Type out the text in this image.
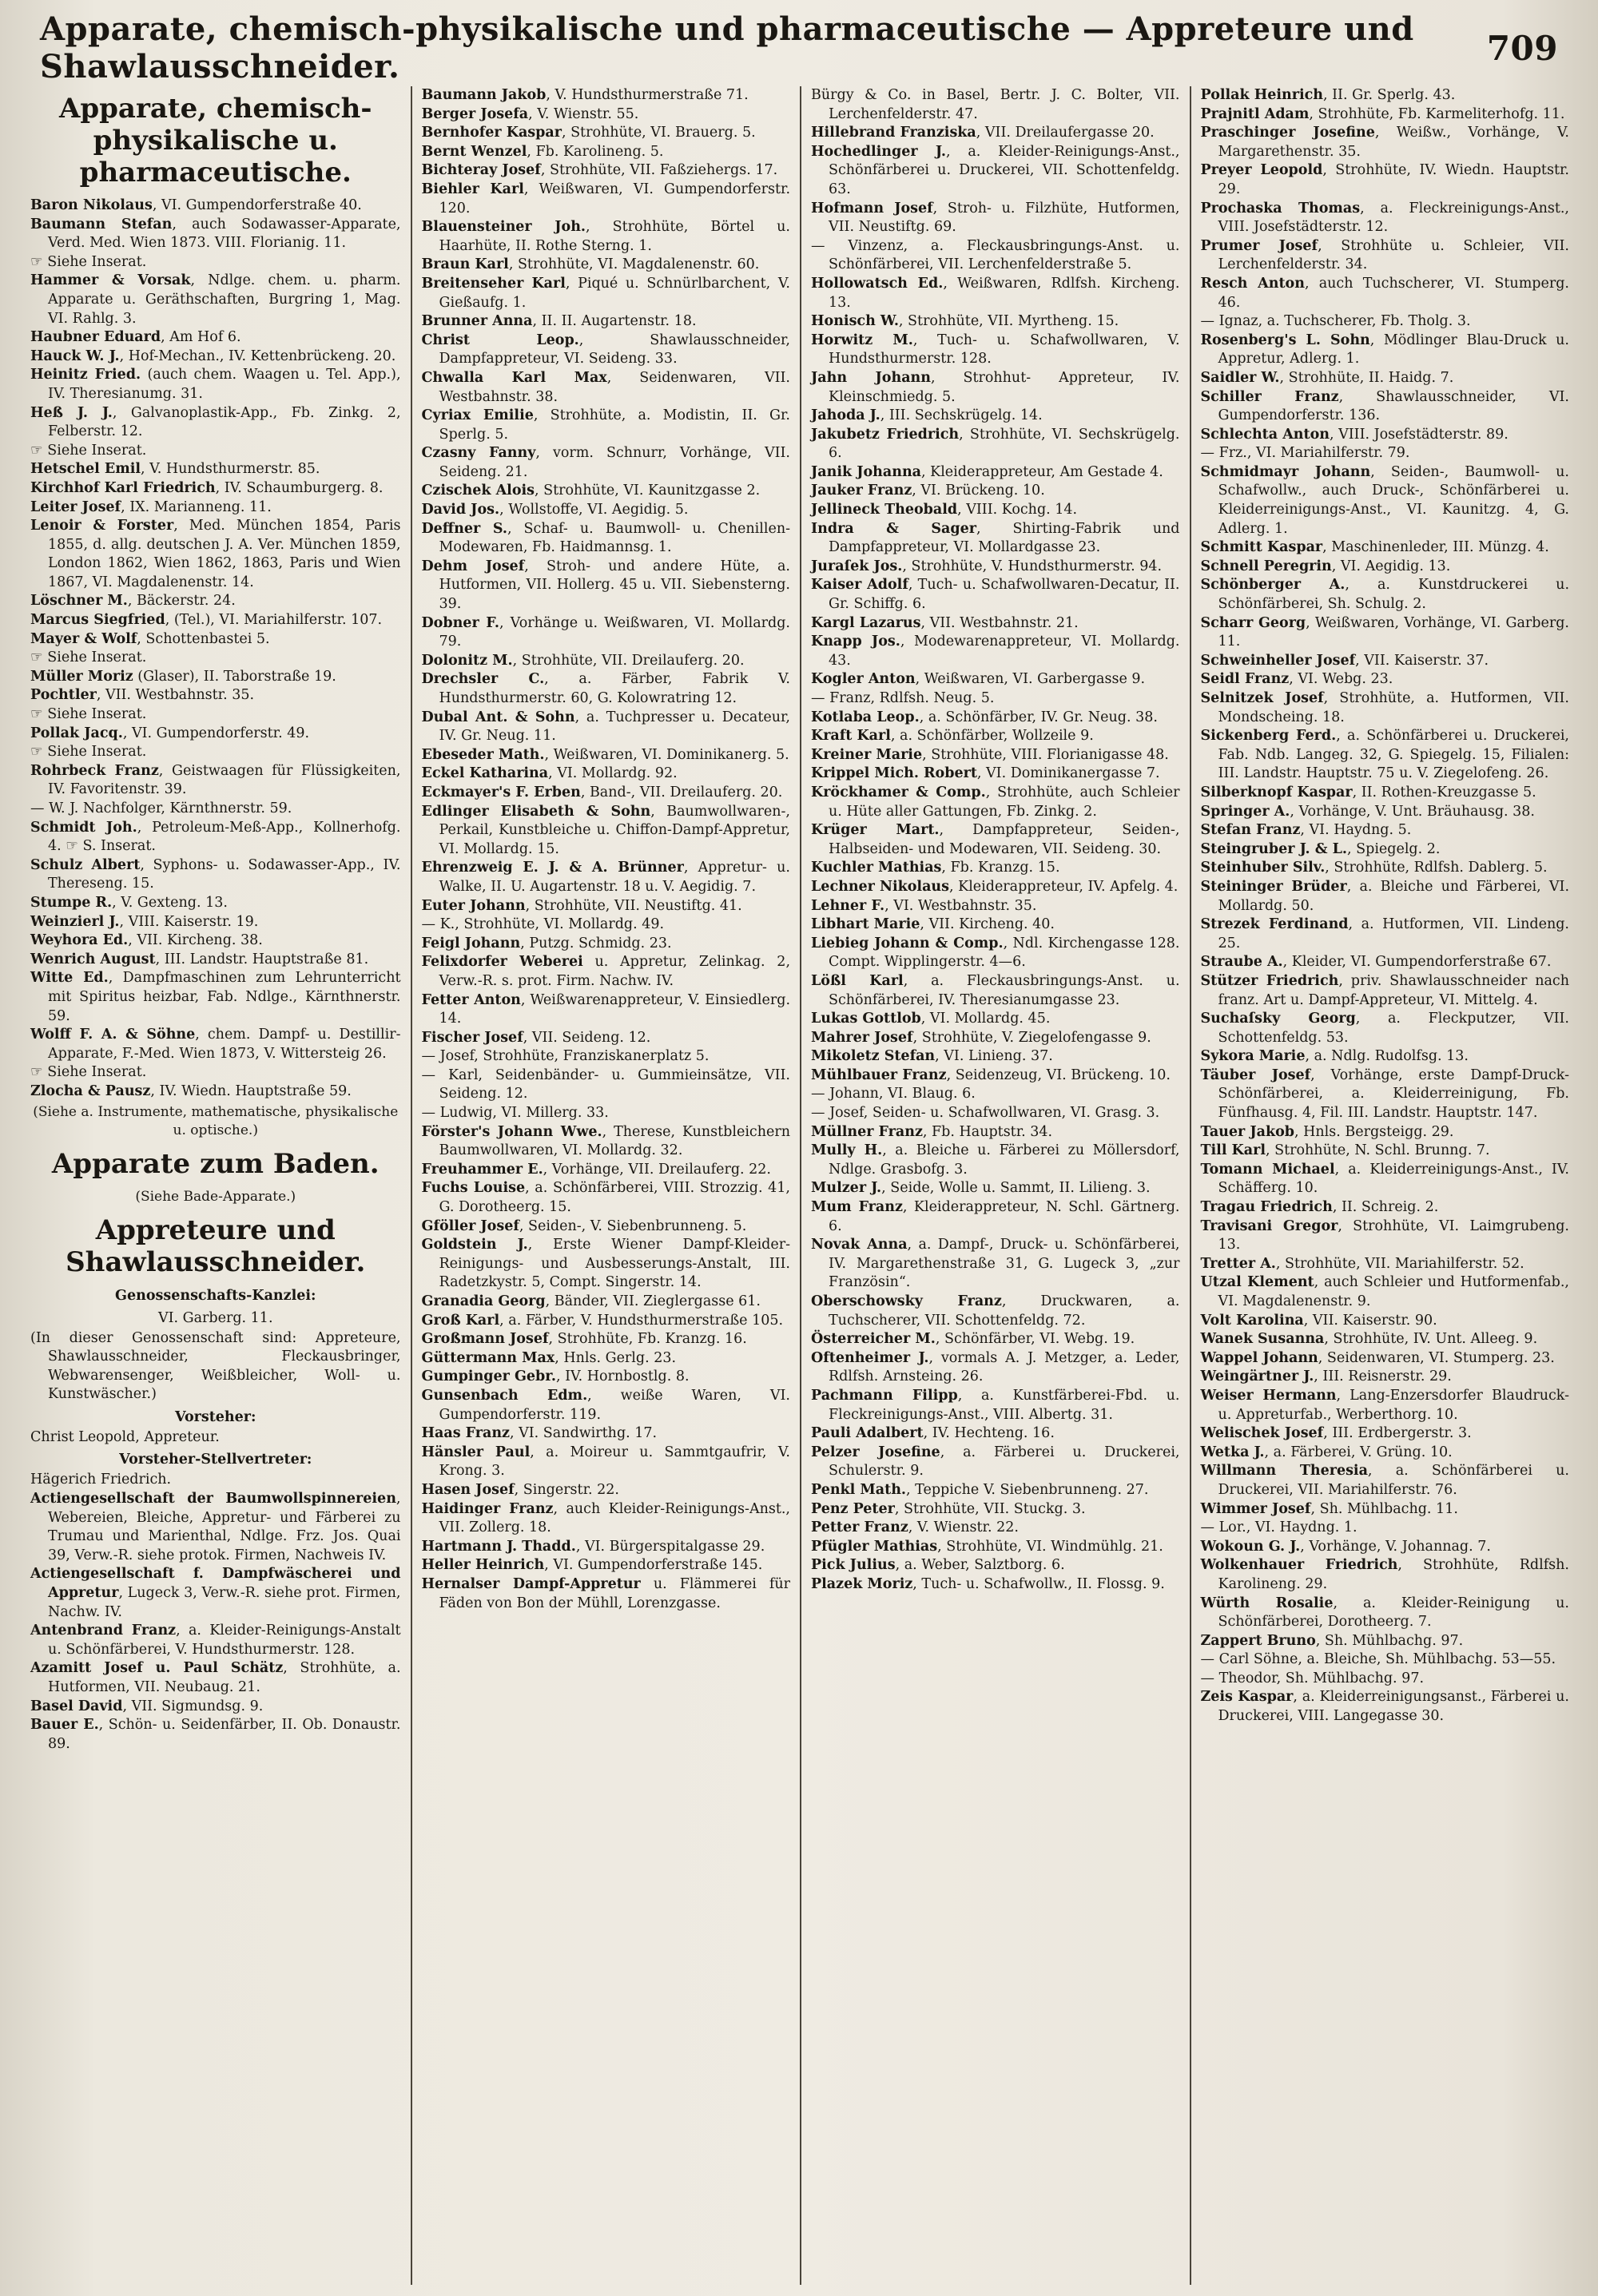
Apparate, chemisch-physikalische und pharmaceutische — Appreteure und Shawlausschneider.	709
Apparate, chemisch-physikalische u. pharmaceutische.

Baron Nikolaus, VI. Gumpendorferstraße 40.

Baumann Stefan, auch Sodawasser-Apparate, Verd. Med. Wien 1873. VIII. Florianig. 11.

☞ Siehe Inserat.

Hammer & Vorsak, Ndlge. chem. u. pharm. Apparate u. Geräthschaften, Burgring 1, Mag. VI. Rahlg. 3.

Haubner Eduard, Am Hof 6.

Hauck W. J., Hof-Mechan., IV. Kettenbrückeng. 20.

Heinitz Fried. (auch chem. Waagen u. Tel. App.), IV. Theresianumg. 31.

Heß J. J., Galvanoplastik-App., Fb. Zinkg. 2, Felberstr. 12.

☞ Siehe Inserat.

Hetschel Emil, V. Hundsthurmerstr. 85.

Kirchhof Karl Friedrich, IV. Schaumburgerg. 8.

Leiter Josef, IX. Marianneng. 11.

Lenoir & Forster, Med. München 1854, Paris 1855, d. allg. deutschen J. A. Ver. München 1859, London 1862, Wien 1862, 1863, Paris und Wien 1867, VI. Magdalenenstr. 14.

Löschner M., Bäckerstr. 24.

Marcus Siegfried, (Tel.), VI. Mariahilferstr. 107.

Mayer & Wolf, Schottenbastei 5.

☞ Siehe Inserat.

Müller Moriz (Glaser), II. Taborstraße 19.

Pochtler, VII. Westbahnstr. 35.

☞ Siehe Inserat.

Pollak Jacq., VI. Gumpendorferstr. 49.

☞ Siehe Inserat.

Rohrbeck Franz, Geistwaagen für Flüssigkeiten, IV. Favoritenstr. 39.

— W. J. Nachfolger, Kärnthnerstr. 59.

Schmidt Joh., Petroleum-Meß-App., Kollnerhofg. 4. ☞ S. Inserat.

Schulz Albert, Syphons- u. Sodawasser-App., IV. Thereseng. 15.

Stumpe R., V. Gexteng. 13.

Weinzierl J., VIII. Kaiserstr. 19.

Weyhora Ed., VII. Kircheng. 38.

Wenrich August, III. Landstr. Hauptstraße 81.

Witte Ed., Dampfmaschinen zum Lehrunterricht mit Spiritus heizbar, Fab. Ndlge., Kärnthnerstr. 59.

Wolff F. A. & Söhne, chem. Dampf- u. Destillir-Apparate, F.-Med. Wien 1873, V. Wittersteig 26.

☞ Siehe Inserat.

Zlocha & Pausz, IV. Wiedn. Hauptstraße 59.

(Siehe a. Instrumente, mathematische, physikalische u. optische.)
Apparate zum Baden.
(Siehe Bade-Apparate.)
Appreteure und Shawlausschneider.
Genossenschafts-Kanzlei:
VI. Garberg. 11.
(In dieser Genossenschaft sind: Appreteure, Shawlausschneider, Fleckausbringer, Webwarensenger, Weißbleicher, Woll- u. Kunstwäscher.)
Vorsteher:
Christ Leopold, Appreteur.
Vorsteher-Stellvertreter:
Hägerich Friedrich.

Actiengesellschaft der Baumwollspinnereien, Webereien, Bleiche, Appretur- und Färberei zu Trumau und Marienthal, Ndlge. Frz. Jos. Quai 39, Verw.-R. siehe protok. Firmen, Nachweis IV.

Actiengesellschaft f. Dampfwäscherei und Appretur, Lugeck 3, Verw.-R. siehe prot. Firmen, Nachw. IV.

Antenbrand Franz, a. Kleider-Reinigungs-Anstalt u. Schönfärberei, V. Hundsthurmerstr. 128.

Azamitt Josef u. Paul Schätz, Strohhüte, a. Hutformen, VII. Neubaug. 21.

Basel David, VII. Sigmundsg. 9.

Bauer E., Schön- u. Seidenfärber, II. Ob. Donaustr. 89.

Baumann Jakob, V. Hundsthurmerstraße 71.

Berger Josefa, V. Wienstr. 55.

Bernhofer Kaspar, Strohhüte, VI. Brauerg. 5.

Bernt Wenzel, Fb. Karolineng. 5.

Bichteray Josef, Strohhüte, VII. Faßziehergs. 17.

Biehler Karl, Weißwaren, VI. Gumpendorferstr. 120.

Blauensteiner Joh., Strohhüte, Börtel u. Haarhüte, II. Rothe Sterng. 1.

Braun Karl, Strohhüte, VI. Magdalenenstr. 60.

Breitenseher Karl, Piqué u. Schnürlbarchent, V. Gießaufg. 1.

Brunner Anna, II. II. Augartenstr. 18.

Christ Leop., Shawlausschneider, Dampfappreteur, VI. Seideng. 33.

Chwalla Karl Max, Seidenwaren, VII. Westbahnstr. 38.

Cyriax Emilie, Strohhüte, a. Modistin, II. Gr. Sperlg. 5.

Czasny Fanny, vorm. Schnurr, Vorhänge, VII. Seideng. 21.

Czischek Alois, Strohhüte, VI. Kaunitzgasse 2.

David Jos., Wollstoffe, VI. Aegidig. 5.

Deffner S., Schaf- u. Baumwoll- u. Chenillen-Modewaren, Fb. Haidmannsg. 1.

Dehm Josef, Stroh- und andere Hüte, a. Hutformen, VII. Hollerg. 45 u. VII. Siebensterng. 39.

Dobner F., Vorhänge u. Weißwaren, VI. Mollardg. 79.

Dolonitz M., Strohhüte, VII. Dreilauferg. 20.

Drechsler C., a. Färber, Fabrik V. Hundsthurmerstr. 60, G. Kolowratring 12.

Dubal Ant. & Sohn, a. Tuchpresser u. Decateur, IV. Gr. Neug. 11.

Ebeseder Math., Weißwaren, VI. Dominikanerg. 5.

Eckel Katharina, VI. Mollardg. 92.

Eckmayer's F. Erben, Band-, VII. Dreilauferg. 20.

Edlinger Elisabeth & Sohn, Baumwollwaren-, Perkail, Kunstbleiche u. Chiffon-Dampf-Appretur, VI. Mollardg. 15.

Ehrenzweig E. J. & A. Brünner, Appretur- u. Walke, II. U. Augartenstr. 18 u. V. Aegidig. 7.

Euter Johann, Strohhüte, VII. Neustiftg. 41.

— K., Strohhüte, VI. Mollardg. 49.

Feigl Johann, Putzg. Schmidg. 23.

Felixdorfer Weberei u. Appretur, Zelinkag. 2, Verw.-R. s. prot. Firm. Nachw. IV.

Fetter Anton, Weißwarenappreteur, V. Einsiedlerg. 14.

Fischer Josef, VII. Seideng. 12.

— Josef, Strohhüte, Franziskanerplatz 5.

— Karl, Seidenbänder- u. Gummieinsätze, VII. Seideng. 12.

— Ludwig, VI. Millerg. 33.

Förster's Johann Wwe., Therese, Kunstbleichern Baumwollwaren, VI. Mollardg. 32.

Freuhammer E., Vorhänge, VII. Dreilauferg. 22.

Fuchs Louise, a. Schönfärberei, VIII. Strozzig. 41, G. Dorotheerg. 15.

Gföller Josef, Seiden-, V. Siebenbrunneng. 5.

Goldstein J., Erste Wiener Dampf-Kleider-Reinigungs- und Ausbesserungs-Anstalt, III. Radetzkystr. 5, Compt. Singerstr. 14.

Granadia Georg, Bänder, VII. Zieglergasse 61.

Groß Karl, a. Färber, V. Hundsthurmerstraße 105.

Großmann Josef, Strohhüte, Fb. Kranzg. 16.

Güttermann Max, Hnls. Gerlg. 23.

Gumpinger Gebr., IV. Hornbostlg. 8.

Gunsenbach Edm., weiße Waren, VI. Gumpendorferstr. 119.

Haas Franz, VI. Sandwirthg. 17.

Hänsler Paul, a. Moireur u. Sammtgaufrir, V. Krong. 3.

Hasen Josef, Singerstr. 22.

Haidinger Franz, auch Kleider-Reinigungs-Anst., VII. Zollerg. 18.

Hartmann J. Thadd., VI. Bürgerspitalgasse 29.

Heller Heinrich, VI. Gumpendorferstraße 145.

Hernalser Dampf-Appretur u. Flämmerei für Fäden von Bon der Mühll, Lorenzgasse.

Bürgy & Co. in Basel, Bertr. J. C. Bolter, VII. Lerchenfelderstr. 47.

Hillebrand Franziska, VII. Dreilaufergasse 20.

Hochedlinger J., a. Kleider-Reinigungs-Anst., Schönfärberei u. Druckerei, VII. Schottenfeldg. 63.

Hofmann Josef, Stroh- u. Filzhüte, Hutformen, VII. Neustiftg. 69.

— Vinzenz, a. Fleckausbringungs-Anst. u. Schönfärberei, VII. Lerchenfelderstraße 5.

Hollowatsch Ed., Weißwaren, Rdlfsh. Kircheng. 13.

Honisch W., Strohhüte, VII. Myrtheng. 15.

Horwitz M., Tuch- u. Schafwollwaren, V. Hundsthurmerstr. 128.

Jahn Johann, Strohhut- Appreteur, IV. Kleinschmiedg. 5.

Jahoda J., III. Sechskrügelg. 14.

Jakubetz Friedrich, Strohhüte, VI. Sechskrügelg. 6.

Janik Johanna, Kleiderappreteur, Am Gestade 4.

Jauker Franz, VI. Brückeng. 10.

Jellineck Theobald, VIII. Kochg. 14.

Indra & Sager, Shirting-Fabrik und Dampfappreteur, VI. Mollardgasse 23.

Juraſek Jos., Strohhüte, V. Hundsthurmerstr. 94.

Kaiser Adolf, Tuch- u. Schafwollwaren-Decatur, II. Gr. Schiffg. 6.

Kargl Lazarus, VII. Westbahnstr. 21.

Knapp Jos., Modewarenappreteur, VI. Mollardg. 43.

Kogler Anton, Weißwaren, VI. Garbergasse 9.

— Franz, Rdlfsh. Neug. 5.

Kotlaba Leop., a. Schönfärber, IV. Gr. Neug. 38.

Kraft Karl, a. Schönfärber, Wollzeile 9.

Kreiner Marie, Strohhüte, VIII. Florianigasse 48.

Krippel Mich. Robert, VI. Dominikanergasse 7.

Kröckhamer & Comp., Strohhüte, auch Schleier u. Hüte aller Gattungen, Fb. Zinkg. 2.

Krüger Mart., Dampfappreteur, Seiden-, Halbseiden- und Modewaren, VII. Seideng. 30.

Kuchler Mathias, Fb. Kranzg. 15.

Lechner Nikolaus, Kleiderappreteur, IV. Apfelg. 4.

Lehner F., VI. Westbahnstr. 35.

Libhart Marie, VII. Kircheng. 40.

Liebieg Johann & Comp., Ndl. Kirchengasse 128. Compt. Wipplingerstr. 4—6.

Lößl Karl, a. Fleckausbringungs-Anst. u. Schönfärberei, IV. Theresianumgasse 23.

Lukas Gottlob, VI. Mollardg. 45.

Mahrer Josef, Strohhüte, V. Ziegelofengasse 9.

Mikoletz Stefan, VI. Linieng. 37.

Mühlbauer Franz, Seidenzeug, VI. Brückeng. 10.

— Johann, VI. Blaug. 6.

— Josef, Seiden- u. Schafwollwaren, VI. Grasg. 3.

Müllner Franz, Fb. Hauptstr. 34.

Mully H., a. Bleiche u. Färberei zu Möllersdorf, Ndlge. Grasbofg. 3.

Mulzer J., Seide, Wolle u. Sammt, II. Lilieng. 3.

Mum Franz, Kleiderappreteur, N. Schl. Gärtnerg. 6.

Novak Anna, a. Dampf-, Druck- u. Schönfärberei, IV. Margarethenstraße 31, G. Lugeck 3, „zur Französin“.

Oberschowsky Franz, Druckwaren, a. Tuchscherer, VII. Schottenfeldg. 72.

Österreicher M., Schönfärber, VI. Webg. 19.

Oftenheimer J., vormals A. J. Metzger, a. Leder, Rdlfsh. Arnsteing. 26.

Pachmann Filipp, a. Kunstfärberei-Fbd. u. Fleckreinigungs-Anst., VIII. Albertg. 31.

Pauli Adalbert, IV. Hechteng. 16.

Pelzer Josefine, a. Färberei u. Druckerei, Schulerstr. 9.

Penkl Math., Teppiche V. Siebenbrunneng. 27.

Penz Peter, Strohhüte, VII. Stuckg. 3.

Petter Franz, V. Wienstr. 22.

Pfügler Mathias, Strohhüte, VI. Windmühlg. 21.

Pick Julius, a. Weber, Salztborg. 6.

Plazek Moriz, Tuch- u. Schafwollw., II. Flossg. 9.

Pollak Heinrich, II. Gr. Sperlg. 43.

Prajnitl Adam, Strohhüte, Fb. Karmeliterhofg. 11.

Praschinger Josefine, Weißw., Vorhänge, V. Margarethenstr. 35.

Preyer Leopold, Strohhüte, IV. Wiedn. Hauptstr. 29.

Prochaska Thomas, a. Fleckreinigungs-Anst., VIII. Josefstädterstr. 12.

Prumer Josef, Strohhüte u. Schleier, VII. Lerchenfelderstr. 34.

Resch Anton, auch Tuchscherer, VI. Stumperg. 46.

— Ignaz, a. Tuchscherer, Fb. Tholg. 3.

Rosenberg's L. Sohn, Mödlinger Blau-Druck u. Appretur, Adlerg. 1.

Saidler W., Strohhüte, II. Haidg. 7.

Schiller Franz, Shawlausschneider, VI. Gumpendorferstr. 136.

Schlechta Anton, VIII. Josefstädterstr. 89.

— Frz., VI. Mariahilferstr. 79.

Schmidmayr Johann, Seiden-, Baumwoll- u. Schafwollw., auch Druck-, Schönfärberei u. Kleiderreinigungs-Anst., VI. Kaunitzg. 4, G. Adlerg. 1.

Schmitt Kaspar, Maschinenleder, III. Münzg. 4.

Schnell Peregrin, VI. Aegidig. 13.

Schönberger A., a. Kunstdruckerei u. Schönfärberei, Sh. Schulg. 2.

Scharr Georg, Weißwaren, Vorhänge, VI. Garberg. 11.

Schweinheller Josef, VII. Kaiserstr. 37.

Seidl Franz, VI. Webg. 23.

Selnitzek Josef, Strohhüte, a. Hutformen, VII. Mondscheing. 18.

Sickenberg Ferd., a. Schönfärberei u. Druckerei, Fab. Ndb. Langeg. 32, G. Spiegelg. 15, Filialen: III. Landstr. Hauptstr. 75 u. V. Ziegelofeng. 26.

Silberknopf Kaspar, II. Rothen-Kreuzgasse 5.

Springer A., Vorhänge, V. Unt. Bräuhausg. 38.

Stefan Franz, VI. Haydng. 5.

Steingruber J. & L., Spiegelg. 2.

Steinhuber Silv., Strohhüte, Rdlfsh. Dablerg. 5.

Steininger Brüder, a. Bleiche und Färberei, VI. Mollardg. 50.

Strezek Ferdinand, a. Hutformen, VII. Lindeng. 25.

Straube A., Kleider, VI. Gumpendorferstraße 67.

Stützer Friedrich, priv. Shawlausschneider nach franz. Art u. Dampf-Appreteur, VI. Mittelg. 4.

Suchaſsky Georg, a. Fleckputzer, VII. Schottenfeldg. 53.

Sykora Marie, a. Ndlg. Rudolfsg. 13.

Täuber Josef, Vorhänge, erste Dampf-Druck-Schönfärberei, a. Kleiderreinigung, Fb. Fünfhausg. 4, Fil. III. Landstr. Hauptstr. 147.

Tauer Jakob, Hnls. Bergsteigg. 29.

Till Karl, Strohhüte, N. Schl. Brunng. 7.

Tomann Michael, a. Kleiderreinigungs-Anst., IV. Schäfferg. 10.

Tragau Friedrich, II. Schreig. 2.

Travisani Gregor, Strohhüte, VI. Laimgrubeng. 13.

Tretter A., Strohhüte, VII. Mariahilferstr. 52.

Utzal Klement, auch Schleier und Hutformenfab., VI. Magdalenenstr. 9.

Volt Karolina, VII. Kaiserstr. 90.

Wanek Susanna, Strohhüte, IV. Unt. Alleeg. 9.

Wappel Johann, Seidenwaren, VI. Stumperg. 23.

Weingärtner J., III. Reisnerstr. 29.

Weiser Hermann, Lang-Enzersdorfer Blaudruck- u. Appreturfab., Werberthorg. 10.

Welischek Josef, III. Erdbergerstr. 3.

Wetka J., a. Färberei, V. Grüng. 10.

Willmann Theresia, a. Schönfärberei u. Druckerei, VII. Mariahilferstr. 76.

Wimmer Josef, Sh. Mühlbachg. 11.

— Lor., VI. Haydng. 1.

Wokoun G. J., Vorhänge, V. Johannag. 7.

Wolkenhauer Friedrich, Strohhüte, Rdlfsh. Karolineng. 29.

Würth Rosalie, a. Kleider-Reinigung u. Schönfärberei, Dorotheerg. 7.

Zappert Bruno, Sh. Mühlbachg. 97.

— Carl Söhne, a. Bleiche, Sh. Mühlbachg. 53—55.

— Theodor, Sh. Mühlbachg. 97.

Zeis Kaspar, a. Kleiderreinigungsanst., Färberei u. Druckerei, VIII. Langegasse 30.
